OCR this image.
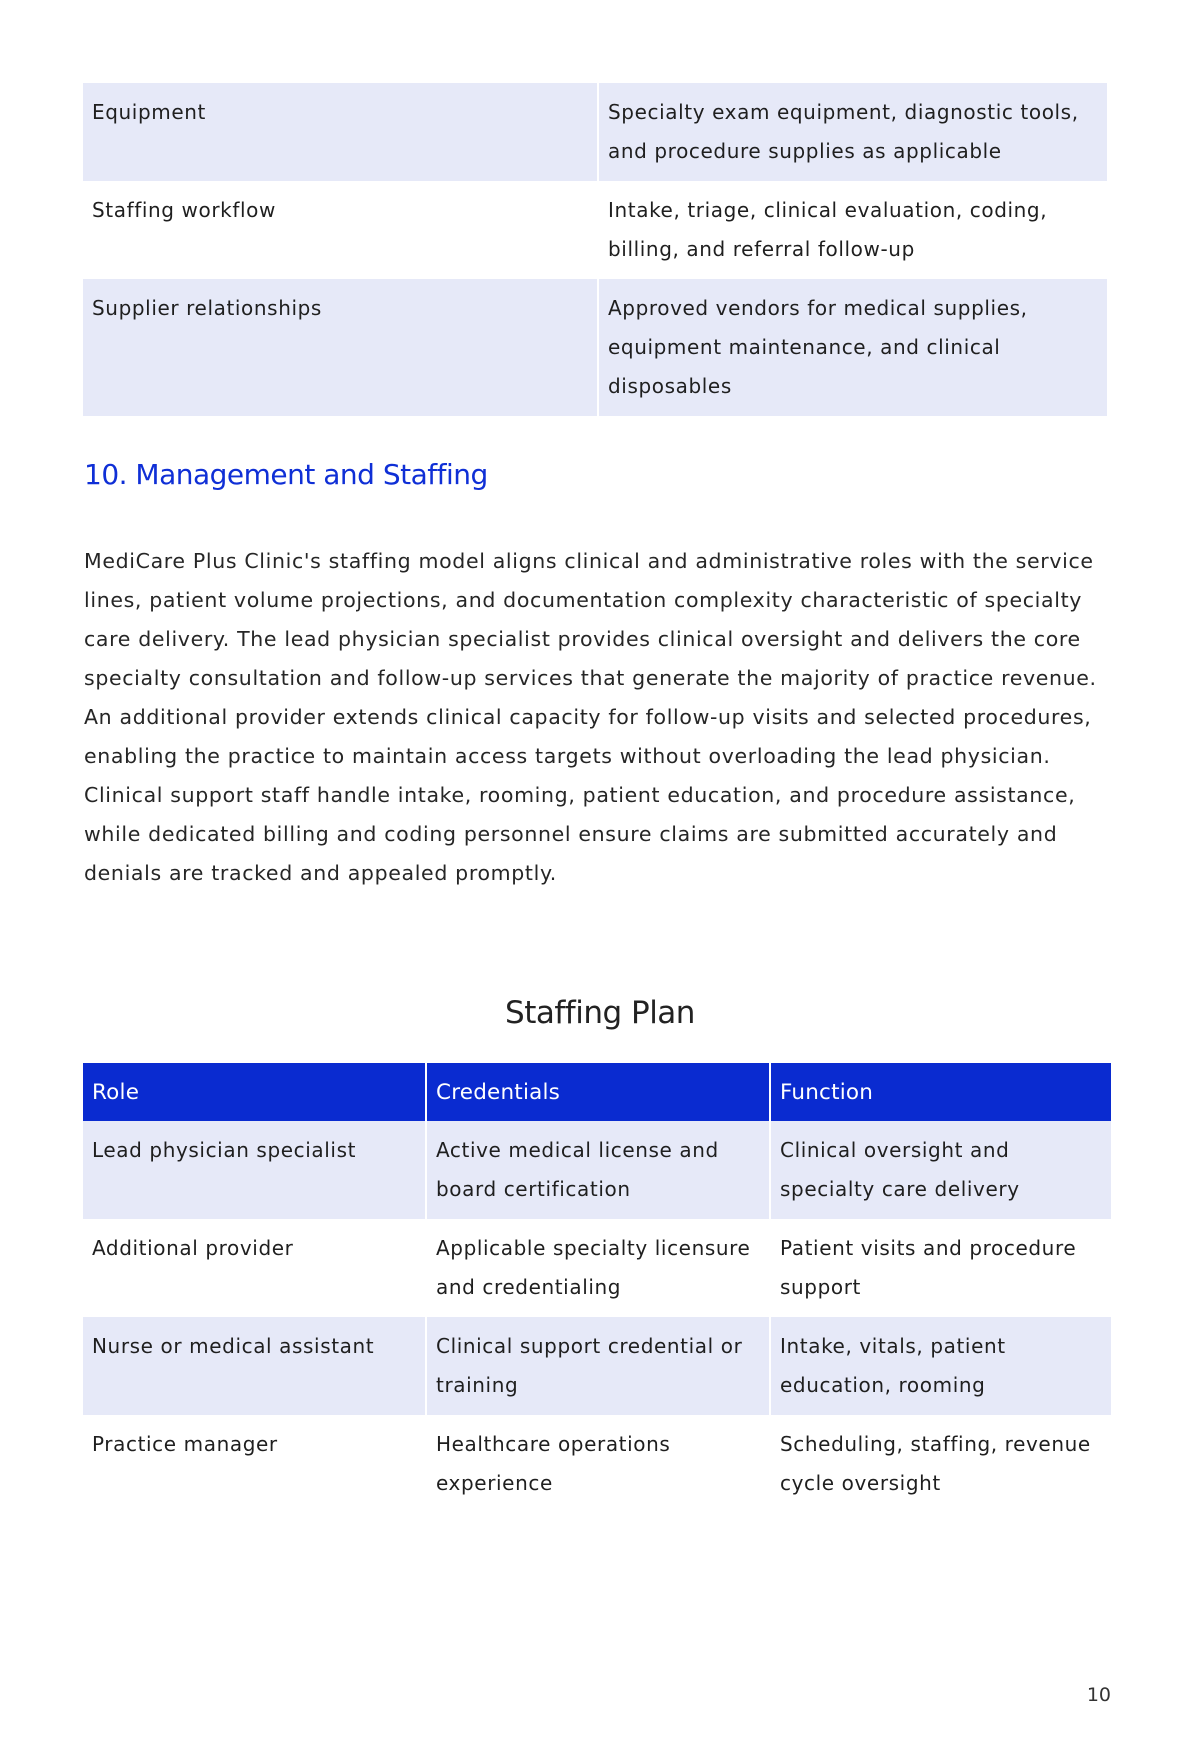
Equipment	Specialty exam equipment, diagnostic tools, and procedure supplies as applicable
Staffing workflow	Intake, triage, clinical evaluation, coding, billing, and referral follow-up
Supplier relationships	Approved vendors for medical supplies, equipment maintenance, and clinical disposables
10. Management and Staffing

MediCare Plus Clinic's staffing model aligns clinical and administrative roles with the service lines, patient volume projections, and documentation complexity characteristic of specialty care delivery. The lead physician specialist provides clinical oversight and delivers the core specialty consultation and follow-up services that generate the majority of practice revenue. An additional provider extends clinical capacity for follow-up visits and selected procedures, enabling the practice to maintain access targets without overloading the lead physician. Clinical support staff handle intake, rooming, patient education, and procedure assistance, while dedicated billing and coding personnel ensure claims are submitted accurately and denials are tracked and appealed promptly.

Staffing Plan
Role	Credentials	Function
Lead physician specialist	Active medical license and board certification	Clinical oversight and specialty care delivery
Additional provider	Applicable specialty licensure and credentialing	Patient visits and procedure support
Nurse or medical assistant	Clinical support credential or training	Intake, vitals, patient education, rooming
Practice manager	Healthcare operations experience	Scheduling, staffing, revenue cycle oversight
10
